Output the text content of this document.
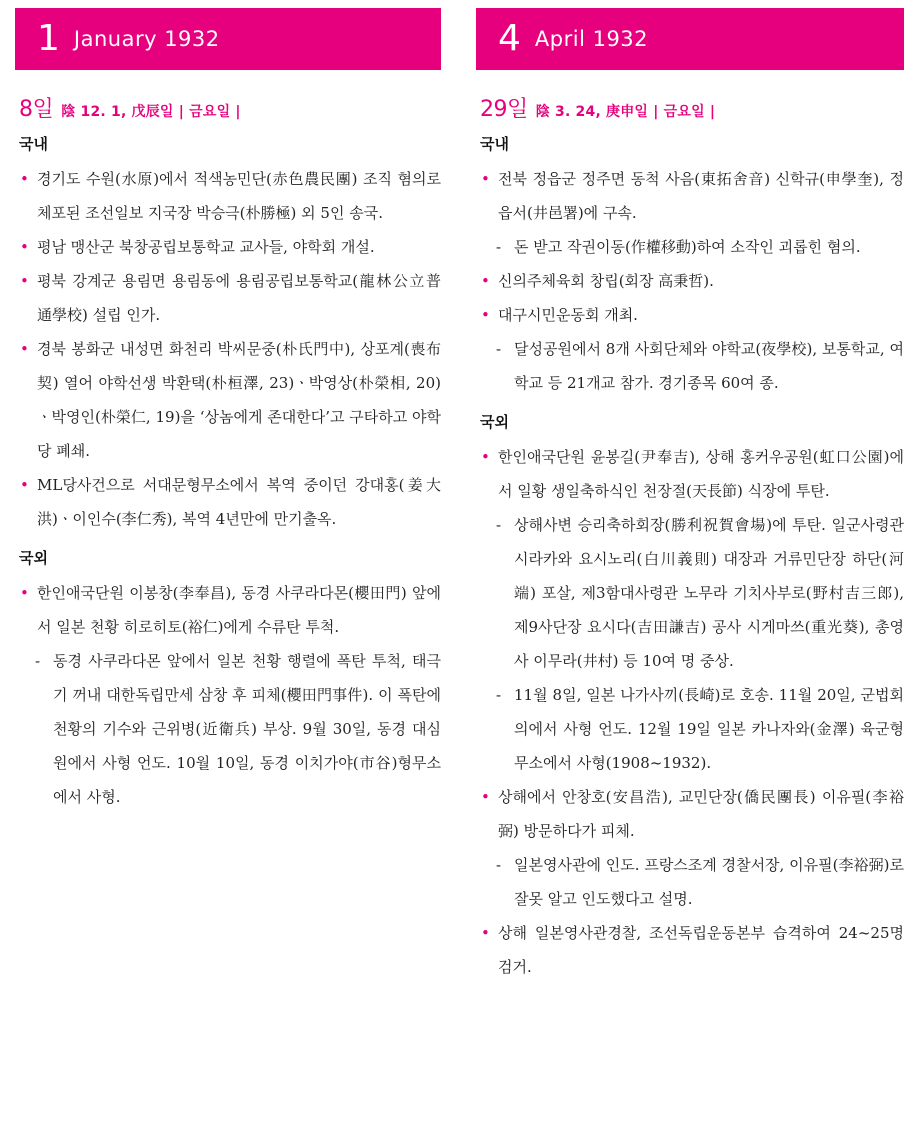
1 January 1932
8일 陰 12. 1, 戊辰일 | 금요일 |
국내
• 경기도 수원(水原)에서 적색농민단(赤色農民團) 조직 혐의로 체포된 조선일보 지국장 박승극(朴勝極) 외 5인 송국.
• 평남 맹산군 북창공립보통학교 교사들, 야학회 개설.
• 평북 강계군 용림면 용림동에 용림공립보통학교(龍林公立普通學校) 설립 인가.
• 경북 봉화군 내성면 화천리 박씨문중(朴氏門中), 상포계(喪布契) 열어 야학선생 박환택(朴桓澤, 23)ㆍ박영상(朴榮相, 20)ㆍ박영인(朴榮仁, 19)을 ‘상놈에게 존대한다’고 구타하고 야학당 폐쇄.
• ML당사건으로 서대문형무소에서 복역 중이던 강대홍(姜大洪)ㆍ이인수(李仁秀), 복역 4년만에 만기출옥.
국외
• 한인애국단원 이봉창(李奉昌), 동경 사쿠라다몬(櫻田門) 앞에서 일본 천황 히로히토(裕仁)에게 수류탄 투척.
- 동경 사쿠라다몬 앞에서 일본 천황 행렬에 폭탄 투척, 태극기 꺼내 대한독립만세 삼창 후 피체(櫻田門事件). 이 폭탄에 천황의 기수와 근위병(近衛兵) 부상. 9월 30일, 동경 대심원에서 사형 언도. 10월 10일, 동경 이치가야(市谷)형무소에서 사형.
4 April 1932
29일 陰 3. 24, 庚申일 | 금요일 |
국내
• 전북 정읍군 정주면 동척 사음(東拓舍音) 신학규(申學奎), 정읍서(井邑署)에 구속.
- 돈 받고 작권이동(作權移動)하여 소작인 괴롭힌 혐의.
• 신의주체육회 창립(회장 高秉哲).
• 대구시민운동회 개최.
- 달성공원에서 8개 사회단체와 야학교(夜學校), 보통학교, 여학교 등 21개교 참가. 경기종목 60여 종.
국외
• 한인애국단원 윤봉길(尹奉吉), 상해 홍커우공원(虹口公園)에서 일황 생일축하식인 천장절(天長節) 식장에 투탄.
- 상해사변 승리축하회장(勝利祝賀會場)에 투탄. 일군사령관 시라카와 요시노리(白川義則) 대장과 거류민단장 하단(河端) 포살, 제3함대사령관 노무라 기치사부로(野村吉三郎), 제9사단장 요시다(吉田謙吉) 공사 시게마쓰(重光葵), 총영사 이무라(井村) 등 10여 명 중상.
- 11월 8일, 일본 나가사끼(長崎)로 호송. 11월 20일, 군법회의에서 사형 언도. 12월 19일 일본 카나자와(金澤) 육군형무소에서 사형(1908~1932).
• 상해에서 안창호(安昌浩), 교민단장(僑民團長) 이유필(李裕弼) 방문하다가 피체.
- 일본영사관에 인도. 프랑스조계 경찰서장, 이유필(李裕弼)로 잘못 알고 인도했다고 설명.
• 상해 일본영사관경찰, 조선독립운동본부 습격하여 24~25명 검거.
